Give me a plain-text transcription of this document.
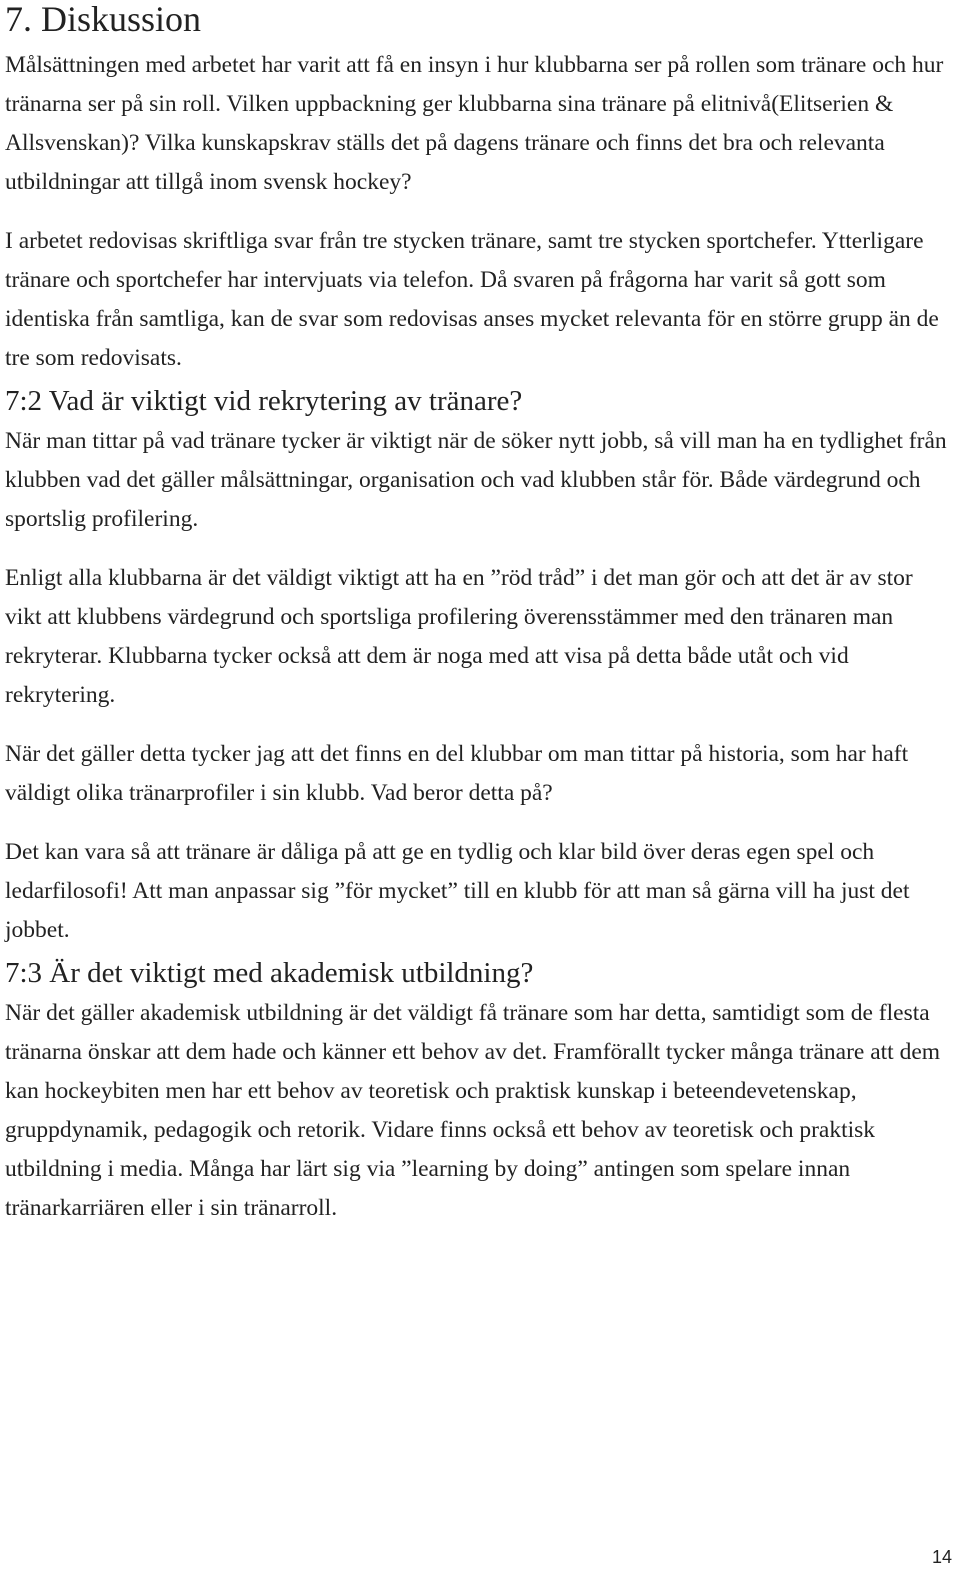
7. Diskussion

Målsättningen med arbetet har varit att få en insyn i hur klubbarna ser på rollen som tränare och hur tränarna ser på sin roll. Vilken uppbackning ger klubbarna sina tränare på elitnivå(Elitserien & Allsvenskan)? Vilka kunskapskrav ställs det på dagens tränare och finns det bra och relevanta utbildningar att tillgå inom svensk hockey?

I arbetet redovisas skriftliga svar från tre stycken tränare, samt tre stycken sportchefer. Ytterligare tränare och sportchefer har intervjuats via telefon. Då svaren på frågorna har varit så gott som identiska från samtliga, kan de svar som redovisas anses mycket relevanta för en större grupp än de tre som redovisats.

7:2 Vad är viktigt vid rekrytering av tränare?

När man tittar på vad tränare tycker är viktigt när de söker nytt jobb, så vill man ha en tydlighet från klubben vad det gäller målsättningar, organisation och vad klubben står för. Både värdegrund och sportslig profilering.

Enligt alla klubbarna är det väldigt viktigt att ha en ”röd tråd” i det man gör och att det är av stor vikt att klubbens värdegrund och sportsliga profilering överensstämmer med den tränaren man rekryterar. Klubbarna tycker också att dem är noga med att visa på detta både utåt och vid rekrytering.

När det gäller detta tycker jag att det finns en del klubbar om man tittar på historia, som har haft väldigt olika tränarprofiler i sin klubb. Vad beror detta på?

Det kan vara så att tränare är dåliga på att ge en tydlig och klar bild över deras egen spel och ledarfilosofi! Att man anpassar sig ”för mycket” till en klubb för att man så gärna vill ha just det jobbet.

7:3 Är det viktigt med akademisk utbildning?

När det gäller akademisk utbildning är det väldigt få tränare som har detta, samtidigt som de flesta tränarna önskar att dem hade och känner ett behov av det. Framförallt tycker många tränare att dem kan hockeybiten men har ett behov av teoretisk och praktisk kunskap i beteendevetenskap, gruppdynamik, pedagogik och retorik. Vidare finns också ett behov av teoretisk och praktisk utbildning i media. Många har lärt sig via ”learning by doing” antingen som spelare innan tränarkarriären eller i sin tränarroll.

14
